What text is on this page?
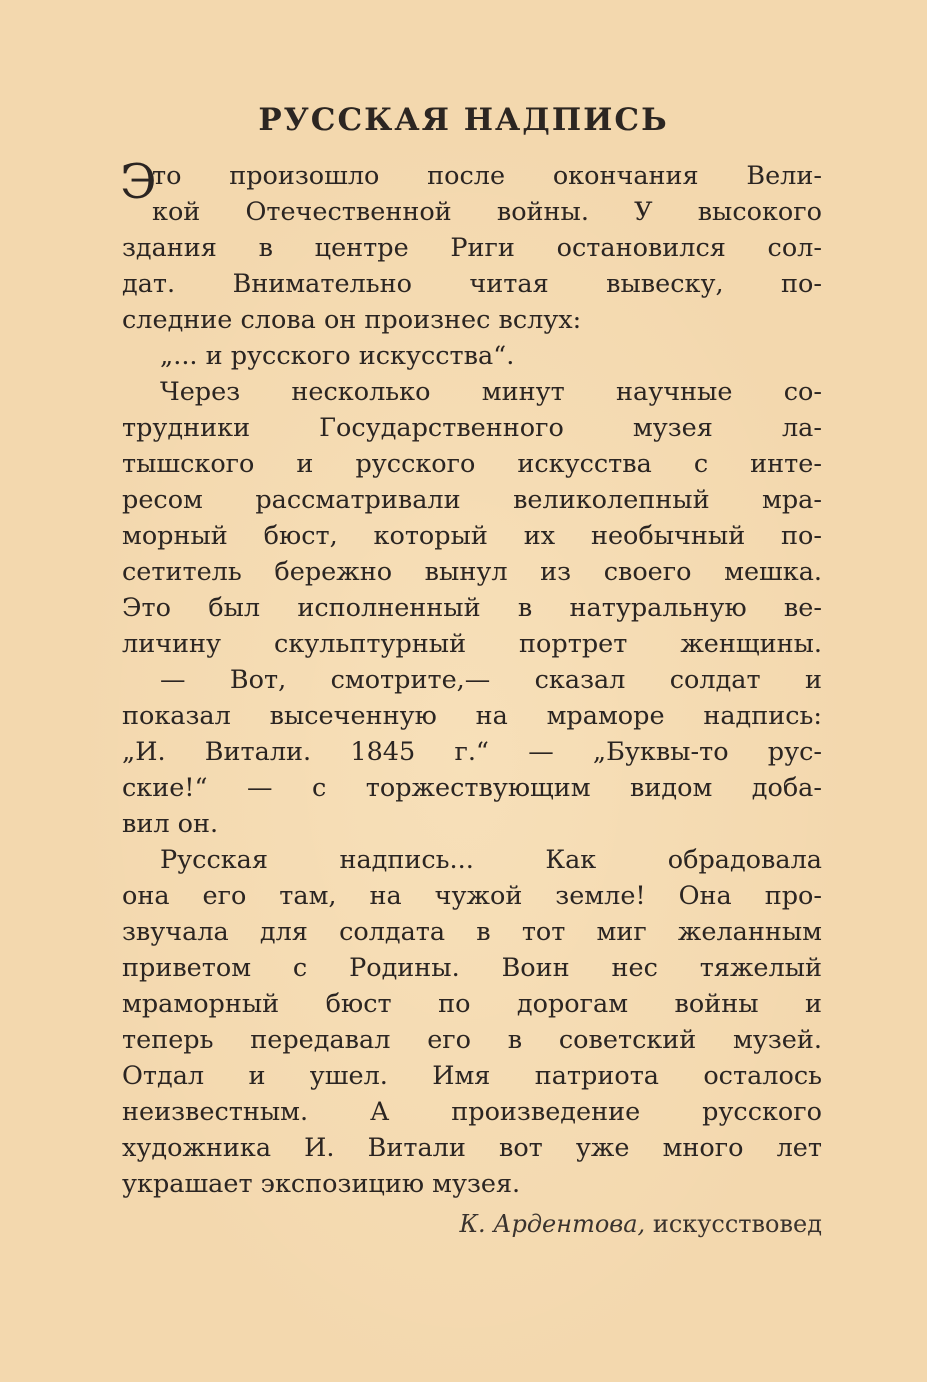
РУССКАЯ НАДПИСЬ
Э
то произошло после окончания Вели-
кой Отечественной войны. У высокого
здания в центре Риги остановился сол-
дат. Внимательно читая вывеску, по-
следние слова он произнес вслух:
„... и русского искусства“.
Через несколько минут научные со-
трудники Государственного музея ла-
тышского и русского искусства с инте-
ресом рассматривали великолепный мра-
морный бюст, который их необычный по-
сетитель бережно вынул из своего мешка.
Это был исполненный в натуральную ве-
личину скульптурный портрет женщины.
— Вот, смотрите,— сказал солдат и
показал высеченную на мраморе надпись:
„И. Витали. 1845 г.“ — „Буквы-то рус-
ские!“ — с торжествующим видом доба-
вил он.
Русская надпись... Как обрадовала
она его там, на чужой земле! Она про-
звучала для солдата в тот миг желанным
приветом с Родины. Воин нес тяжелый
мраморный бюст по дорогам войны и
теперь передавал его в советский музей.
Отдал и ушел. Имя патриота осталось
неизвестным. А произведение русского
художника И. Витали вот уже много лет
украшает экспозицию музея.
К. Ардентова, искусствовед
